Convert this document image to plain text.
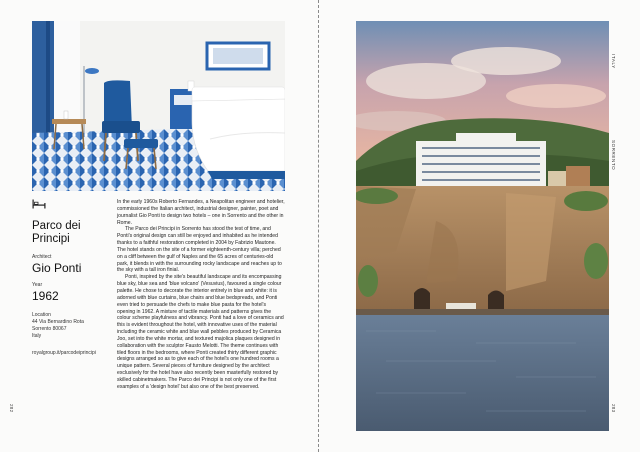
Parco dei Principi
Architect
Gio Ponti
Year
1962
Location
44 Via Bernardino Rota
Sorrento 80067
Italy
royalgroup.it/parcodeiprincipi

In the early 1960s Roberto Fernandes, a Neapolitan engineer and hotelier, commissioned the Italian architect, industrial designer, painter, poet and journalist Gio Ponti to design two hotels – one in Sorrento and the other in Rome.

The Parco dei Principi in Sorrento has stood the test of time, and Ponti's original design can still be enjoyed and inhabited as he intended thanks to a faithful restoration completed in 2004 by Fabrizio Mautone. The hotel stands on the site of a former eighteenth-century villa; perched on a cliff between the gulf of Naples and the 65 acres of centuries-old park, it blends in with the surrounding rocky landscape and reaches up to the sky with a tall iron finial.

Ponti, inspired by the site's beautiful landscape and its encompassing blue sky, blue sea and 'blue volcano' (Vesuvius), favoured a single colour palette. He chose to decorate the interior entirely in blue and white: it is adorned with blue curtains, blue chairs and blue bedspreads, and Ponti even tried to persuade the chefs to make blue pasta for the hotel's opening in 1962. A mixture of tactile materials and patterns gives the colour scheme playfulness and vibrancy. Ponti had a love of ceramics and this is evident throughout the hotel, with innovative uses of the material including the ceramic white and blue wall pebbles produced by Ceramica Joo, set into the white mortar, and textured majolica plaques designed in collaboration with the sculptor Fausto Melotti. The theme continues with tiled floors in the bedrooms, where Ponti created thirty different graphic designs arranged so as to give each of the hotel's one hundred rooms a unique pattern. Several pieces of furniture designed by the architect exclusively for the hotel have also recently been masterfully restored by skilled cabinetmakers. The Parco dei Principi is not only one of the first examples of a 'design hotel' but also one of the best preserved.

282
ITALY
SORRENTO
283
